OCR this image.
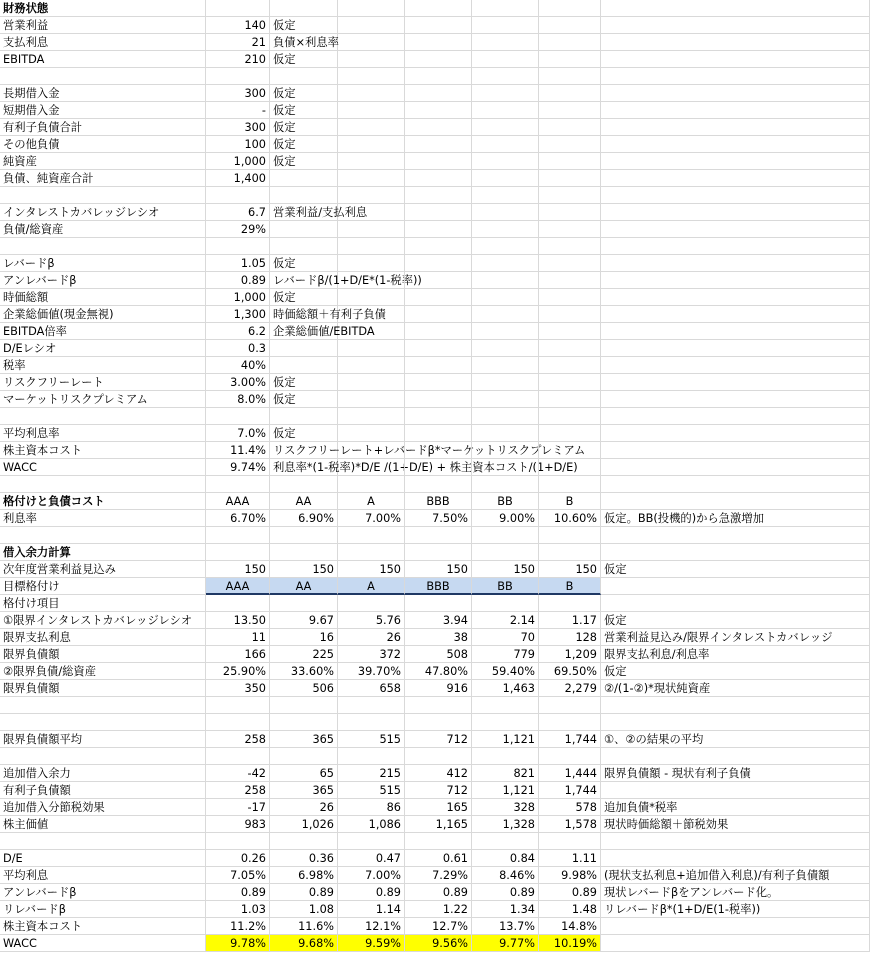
財務状態
営業利益	140 仮定
支払利息	21 負債×利息率
EBITDA	210 仮定
長期借入金	300 仮定
短期借入金	- 仮定
有利子負債合計	300 仮定
その他負債	100 仮定
純資産	1,000 仮定
負債、純資産合計	1,400
インタレストカバレッジレシオ	6.7 営業利益/支払利息
負債/総資産	29%
レバードβ	1.05 仮定
アンレバードβ	0.89 レバードβ/(1+D/E*(1-税率))
時価総額	1,000 仮定
企業総価値(現金無視)	1,300 時価総額＋有利子負債
EBITDA倍率	6.2 企業総価値/EBITDA
D/Eレシオ	0.3
税率	40%
リスクフリーレート	3.00% 仮定
マーケットリスクプレミアム	8.0% 仮定
平均利息率	7.0% 仮定
株主資本コスト	11.4% リスクフリーレート+レバードβ*マーケットリスクプレミアム
WACC	9.74% 利息率*(1-税率)*D/E /(1+D/E) + 株主資本コスト/(1+D/E)
格付けと負債コスト	AAA	AA	A	BBB	BB	B
利息率	6.70%	6.90%	7.00%	7.50%	9.00%	10.60% 仮定。BB(投機的)から急激増加
借入余力計算
次年度営業利益見込み	150	150	150	150	150	150 仮定
目標格付け	AAA	AA	A	BBB	BB	B
格付け項目
①限界インタレストカバレッジレシオ	13.50	9.67	5.76	3.94	2.14	1.17 仮定
限界支払利息	11	16	26	38	70	128 営業利益見込み/限界インタレストカバレッジ
限界負債額	166	225	372	508	779	1,209 限界支払利息/利息率
②限界負債/総資産	25.90%	33.60%	39.70%	47.80%	59.40%	69.50% 仮定
限界負債額	350	506	658	916	1,463	2,279 ②/(1-②)*現状純資産
限界負債額平均	258	365	515	712	1,121	1,744 ①、②の結果の平均
追加借入余力	-42	65	215	412	821	1,444 限界負債額 - 現状有利子負債
有利子負債額	258	365	515	712	1,121	1,744
追加借入分節税効果	-17	26	86	165	328	578 追加負債*税率
株主価値	983	1,026	1,086	1,165	1,328	1,578 現状時価総額＋節税効果
D/E	0.26	0.36	0.47	0.61	0.84	1.11
平均利息	7.05%	6.98%	7.00%	7.29%	8.46%	9.98% (現状支払利息+追加借入利息)/有利子負債額
アンレバードβ	0.89	0.89	0.89	0.89	0.89	0.89 現状レバードβをアンレバード化。
リレバードβ	1.03	1.08	1.14	1.22	1.34	1.48 リレバードβ*(1+D/E(1-税率))
株主資本コスト	11.2%	11.6%	12.1%	12.7%	13.7%	14.8%
WACC	9.78%	9.68%	9.59%	9.56%	9.77%	10.19%
